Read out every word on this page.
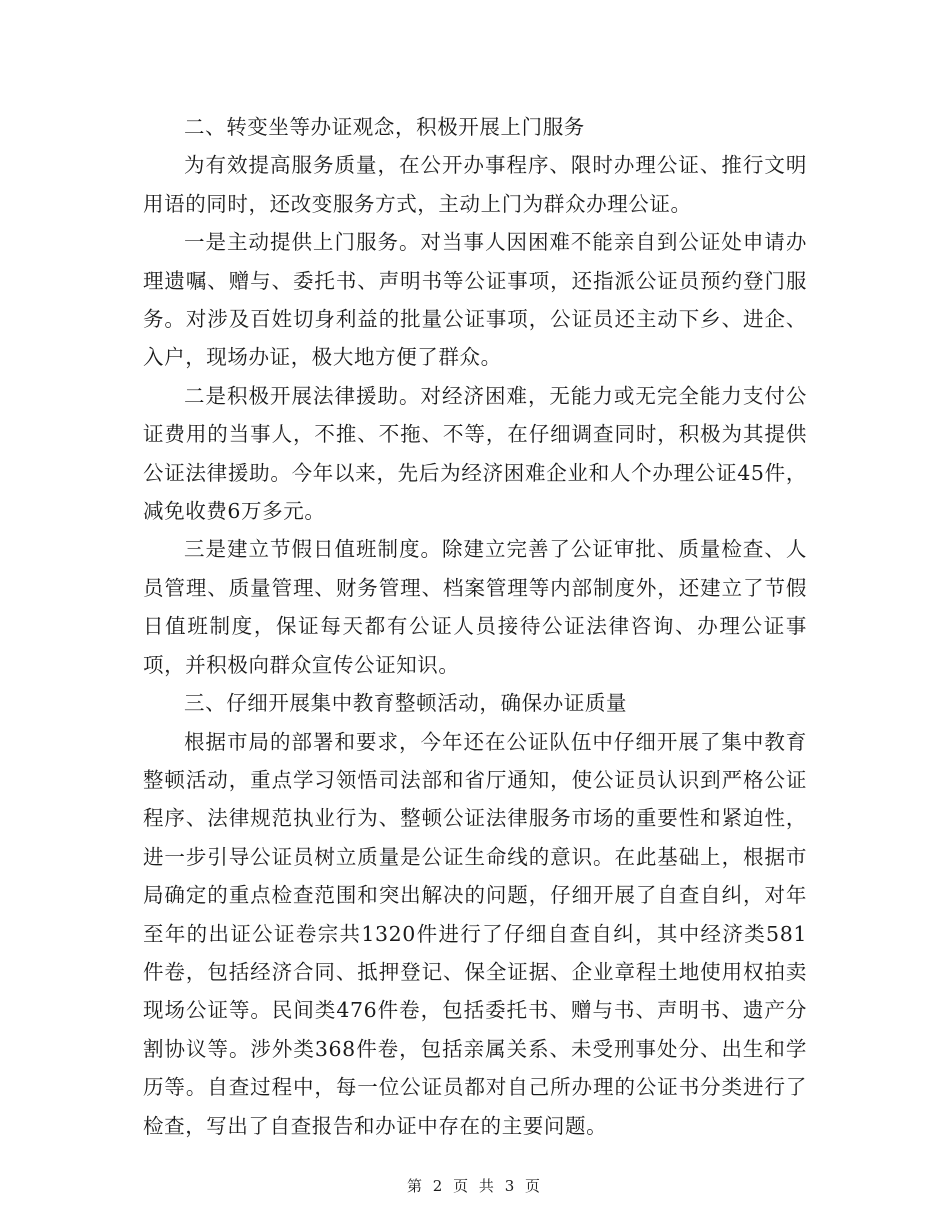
二、转变坐等办证观念，积极开展上门服务

为有效提高服务质量，在公开办事程序、限时办理公证、推行文明用语的同时，还改变服务方式，主动上门为群众办理公证。

一是主动提供上门服务。对当事人因困难不能亲自到公证处申请办理遗嘱、赠与、委托书、声明书等公证事项，还指派公证员预约登门服务。对涉及百姓切身利益的批量公证事项，公证员还主动下乡、进企、入户，现场办证，极大地方便了群众。

二是积极开展法律援助。对经济困难，无能力或无完全能力支付公证费用的当事人，不推、不拖、不等，在仔细调查同时，积极为其提供公证法律援助。今年以来，先后为经济困难企业和人个办理公证45件，减免收费6万多元。

三是建立节假日值班制度。除建立完善了公证审批、质量检查、人员管理、质量管理、财务管理、档案管理等内部制度外，还建立了节假日值班制度，保证每天都有公证人员接待公证法律咨询、办理公证事项，并积极向群众宣传公证知识。

三、仔细开展集中教育整顿活动，确保办证质量

根据市局的部署和要求，今年还在公证队伍中仔细开展了集中教育整顿活动，重点学习领悟司法部和省厅通知，使公证员认识到严格公证程序、法律规范执业行为、整顿公证法律服务市场的重要性和紧迫性，进一步引导公证员树立质量是公证生命线的意识。在此基础上，根据市局确定的重点检查范围和突出解决的问题，仔细开展了自查自纠，对年至年的出证公证卷宗共1320件进行了仔细自查自纠，其中经济类581件卷，包括经济合同、抵押登记、保全证据、企业章程土地使用权拍卖现场公证等。民间类476件卷，包括委托书、赠与书、声明书、遗产分割协议等。涉外类368件卷，包括亲属关系、未受刑事处分、出生和学历等。自查过程中，每一位公证员都对自己所办理的公证书分类进行了检查，写出了自查报告和办证中存在的主要问题。

第 2 页 共 3 页
